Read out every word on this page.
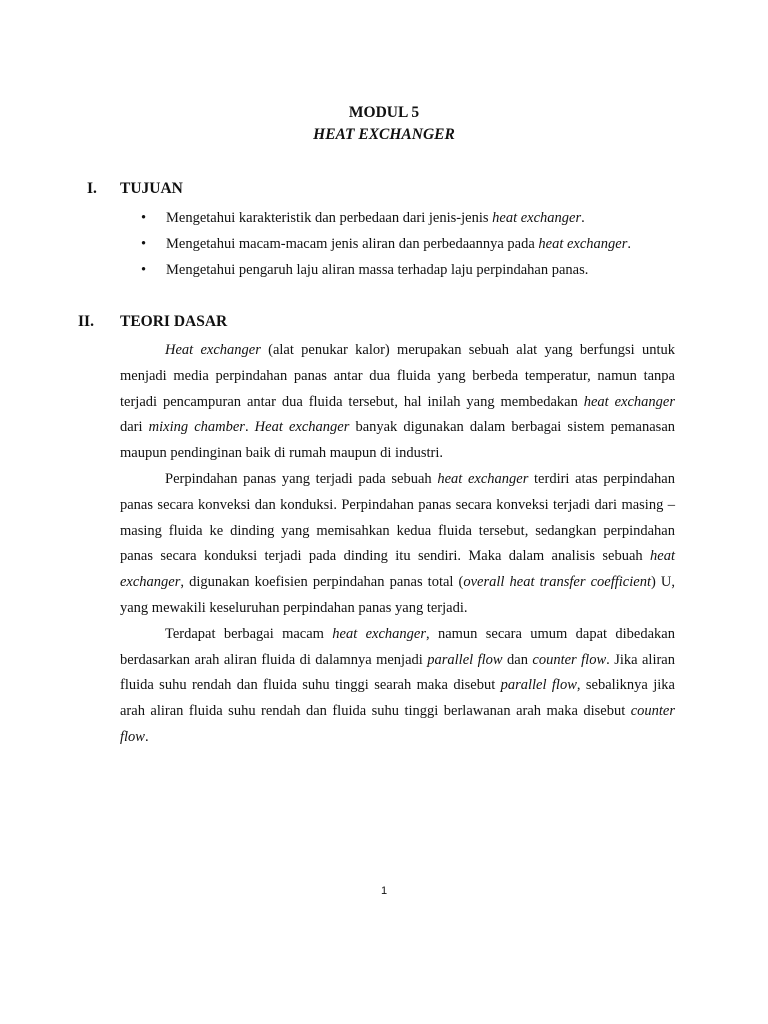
MODUL 5
HEAT EXCHANGER
I. TUJUAN
• Mengetahui karakteristik dan perbedaan dari jenis-jenis heat exchanger.
• Mengetahui macam-macam jenis aliran dan perbedaannya pada heat exchanger.
• Mengetahui pengaruh laju aliran massa terhadap laju perpindahan panas.
II. TEORI DASAR

Heat exchanger (alat penukar kalor) merupakan sebuah alat yang berfungsi untuk menjadi media perpindahan panas antar dua fluida yang berbeda temperatur, namun tanpa terjadi pencampuran antar dua fluida tersebut, hal inilah yang membedakan heat exchanger dari mixing chamber. Heat exchanger banyak digunakan dalam berbagai sistem pemanasan maupun pendinginan baik di rumah maupun di industri.

Perpindahan panas yang terjadi pada sebuah heat exchanger terdiri atas perpindahan panas secara konveksi dan konduksi. Perpindahan panas secara konveksi terjadi dari masing – masing fluida ke dinding yang memisahkan kedua fluida tersebut, sedangkan perpindahan panas secara konduksi terjadi pada dinding itu sendiri. Maka dalam analisis sebuah heat exchanger, digunakan koefisien perpindahan panas total (overall heat transfer coefficient) U, yang mewakili keseluruhan perpindahan panas yang terjadi.

Terdapat berbagai macam heat exchanger, namun secara umum dapat dibedakan berdasarkan arah aliran fluida di dalamnya menjadi parallel flow dan counter flow. Jika aliran fluida suhu rendah dan fluida suhu tinggi searah maka disebut parallel flow, sebaliknya jika arah aliran fluida suhu rendah dan fluida suhu tinggi berlawanan arah maka disebut counter flow.

1
